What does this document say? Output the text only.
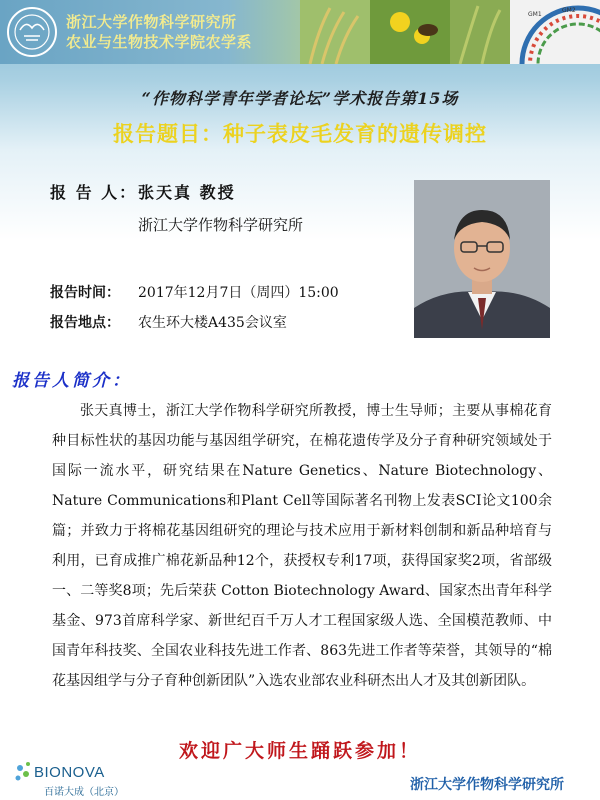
浙江大学作物科学研究所
农业与生物技术学院农学系
GM1
GM2
“作物科学青年学者论坛”学术报告第15场
报告题目：种子表皮毛发育的遗传调控
报 告 人： 张天真 教授
浙江大学作物科学研究所
报告时间： 2017年12月7日（周四）15:00
报告地点： 农生环大楼A435会议室
报告人简介：
张天真博士，浙江大学作物科学研究所教授，博士生导师；主要从事棉花育种目标性状的基因功能与基因组学研究，在棉花遗传学及分子育种研究领域处于国际一流水平，研究结果在Nature Genetics、Nature Biotechnology、Nature Communications和Plant Cell等国际著名刊物上发表SCI论文100余篇；并致力于将棉花基因组研究的理论与技术应用于新材料创制和新品种培育与利用，已育成推广棉花新品种12个，获授权专利17项，获得国家奖2项，省部级一、二等奖8项；先后荣获 Cotton Biotechnology Award、国家杰出青年科学基金、973首席科学家、新世纪百千万人才工程国家级人选、全国模范教师、中国青年科技奖、全国农业科技先进工作者、863先进工作者等荣誉，其领导的“棉花基因组学与分子育种创新团队”入选农业部农业科研杰出人才及其创新团队。
欢迎广大师生踊跃参加！
BIONOVA
百诺大成（北京）	浙江大学作物科学研究所
